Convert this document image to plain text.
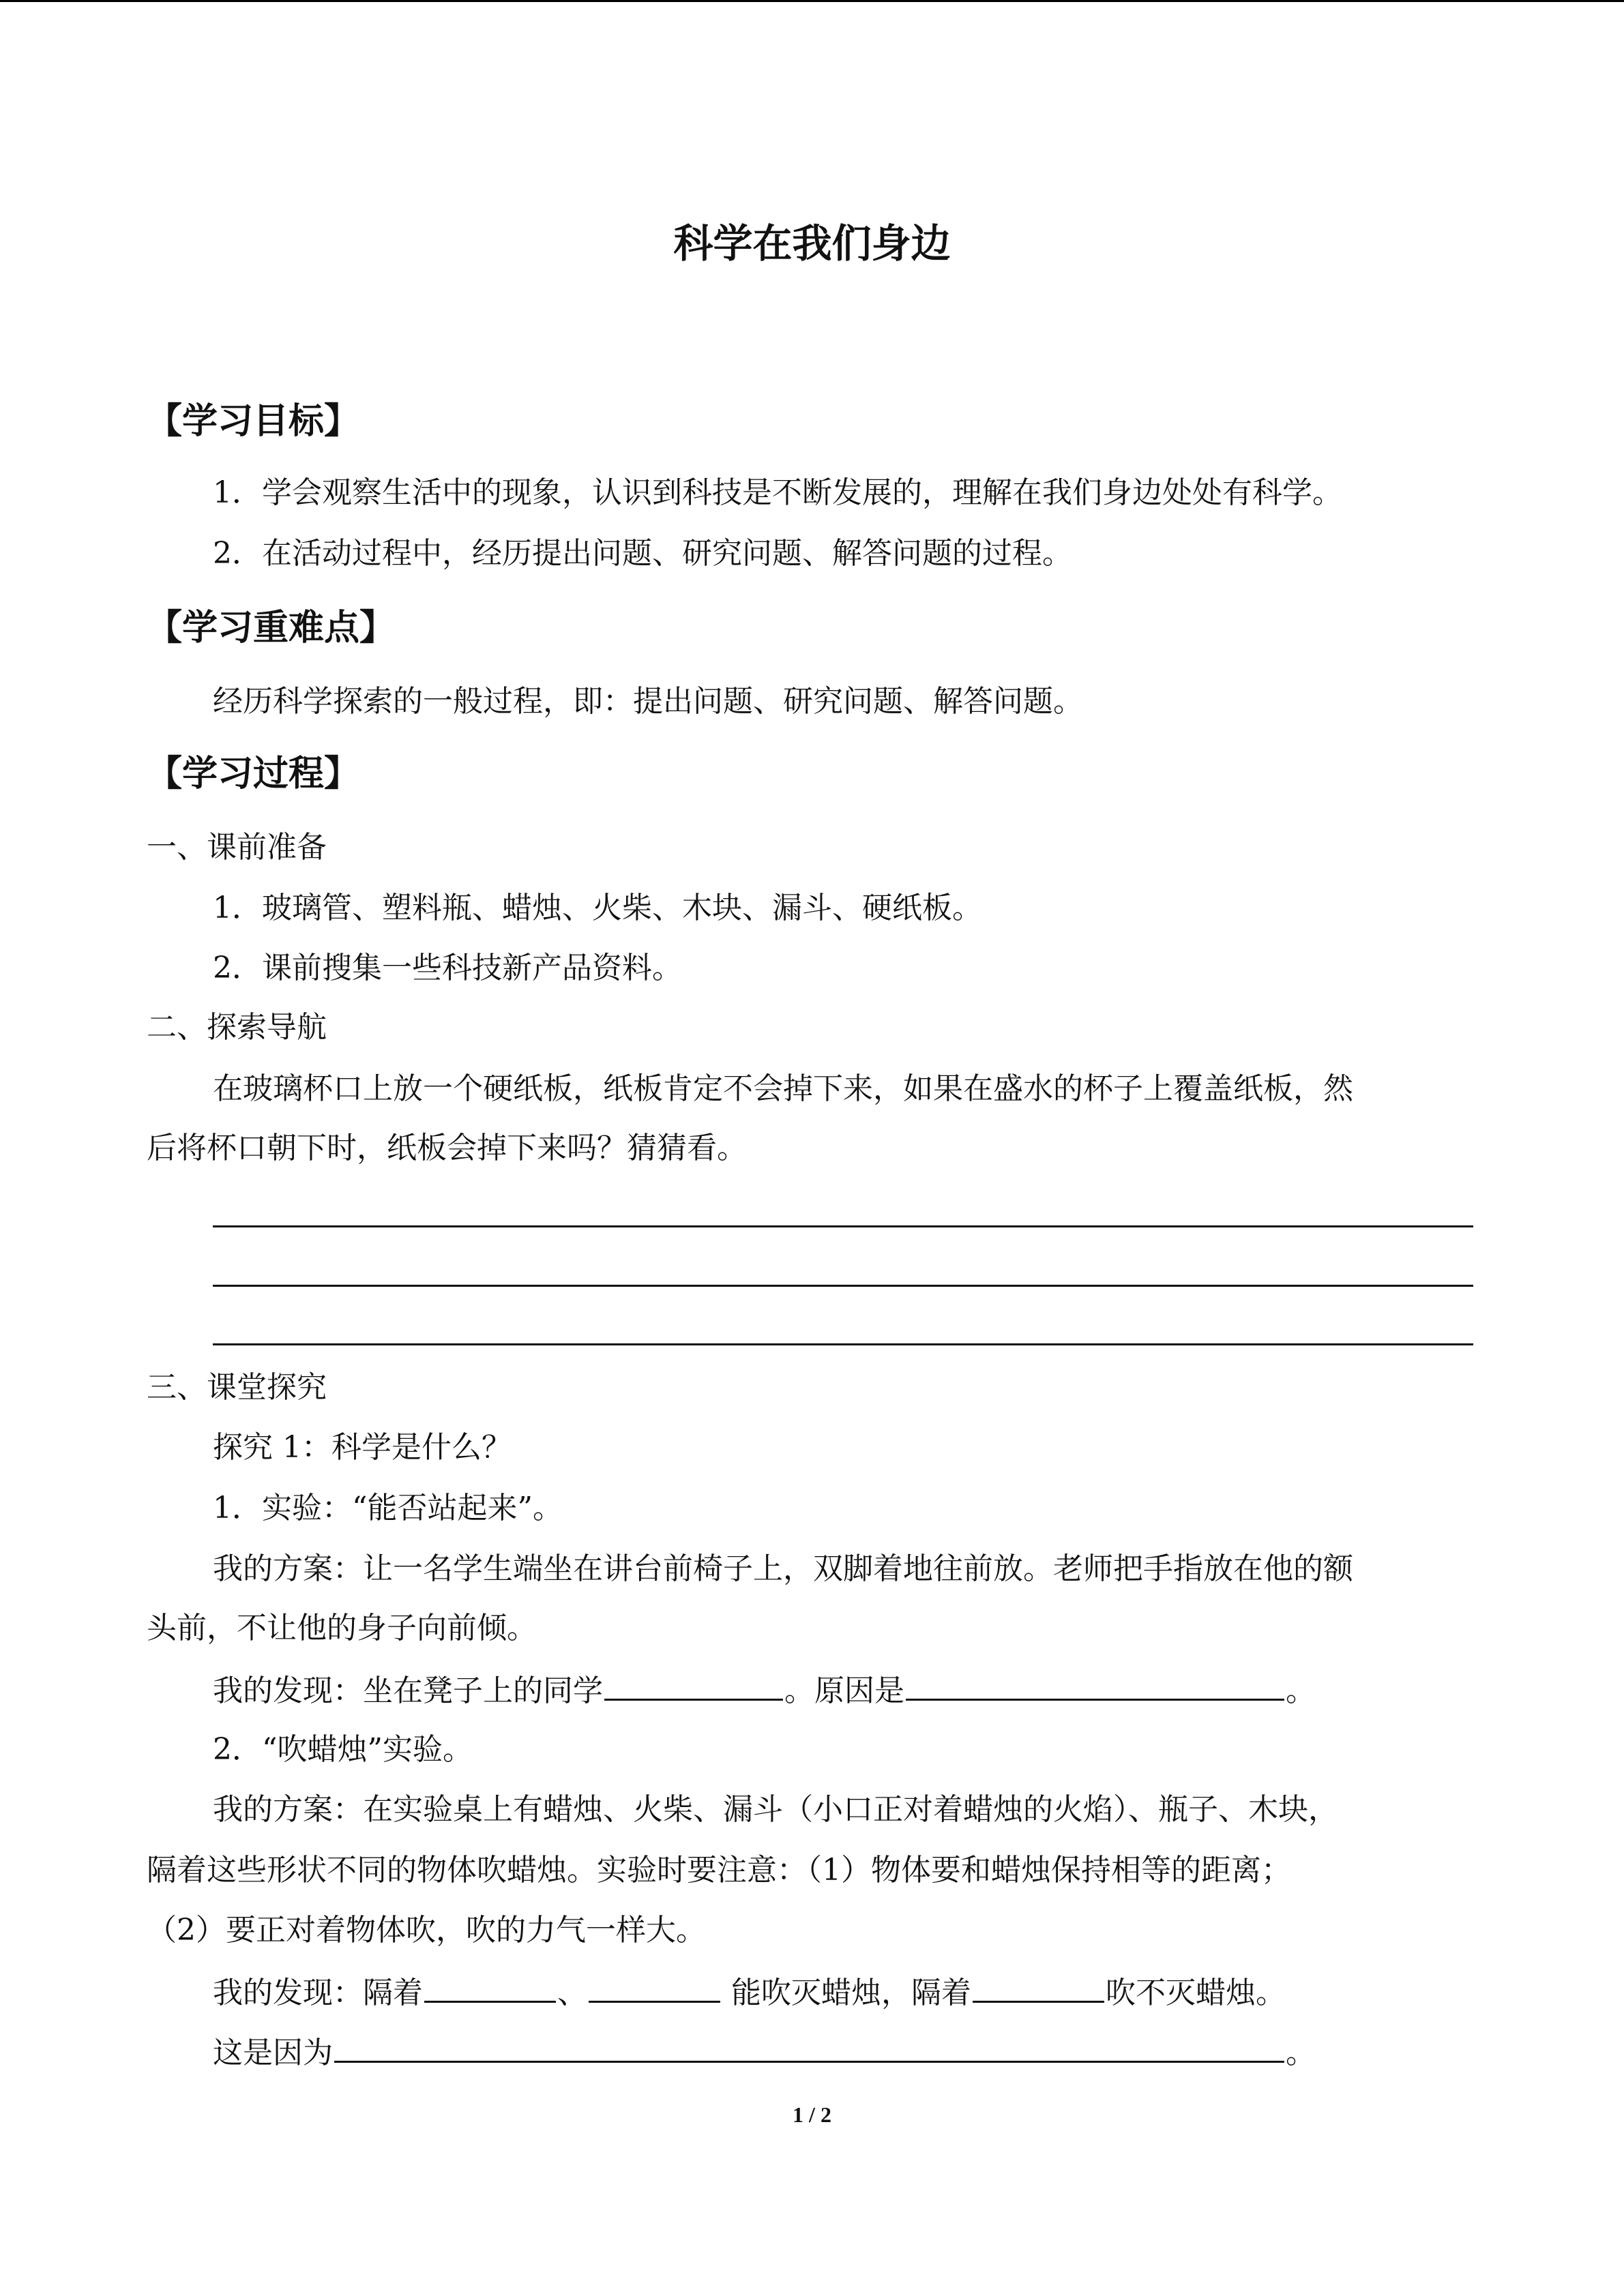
科学在我们身边
【学习目标】
1．学会观察生活中的现象，认识到科技是不断发展的，理解在我们身边处处有科学。
2．在活动过程中，经历提出问题、研究问题、解答问题的过程。
【学习重难点】
经历科学探索的一般过程，即：提出问题、研究问题、解答问题。
【学习过程】
一、课前准备
1．玻璃管、塑料瓶、蜡烛、火柴、木块、漏斗、硬纸板。
2．课前搜集一些科技新产品资料。
二、探索导航
在玻璃杯口上放一个硬纸板，纸板肯定不会掉下来，如果在盛水的杯子上覆盖纸板，然
后将杯口朝下时，纸板会掉下来吗？猜猜看。
三、课堂探究
探究 1：科学是什么？
1．实验：“能否站起来”。
我的方案：让一名学生端坐在讲台前椅子上，双脚着地往前放。老师把手指放在他的额
头前，不让他的身子向前倾。
我的发现：坐在凳子上的同学	。原因是	。
2．“吹蜡烛”实验。
我的方案：在实验桌上有蜡烛、火柴、漏斗（小口正对着蜡烛的火焰）、瓶子、木块，
隔着这些形状不同的物体吹蜡烛。实验时要注意：（1）物体要和蜡烛保持相等的距离；
（2）要正对着物体吹，吹的力气一样大。
我的发现：隔着	、	能吹灭蜡烛，隔着	吹不灭蜡烛。
这是因为	。
1 / 2
